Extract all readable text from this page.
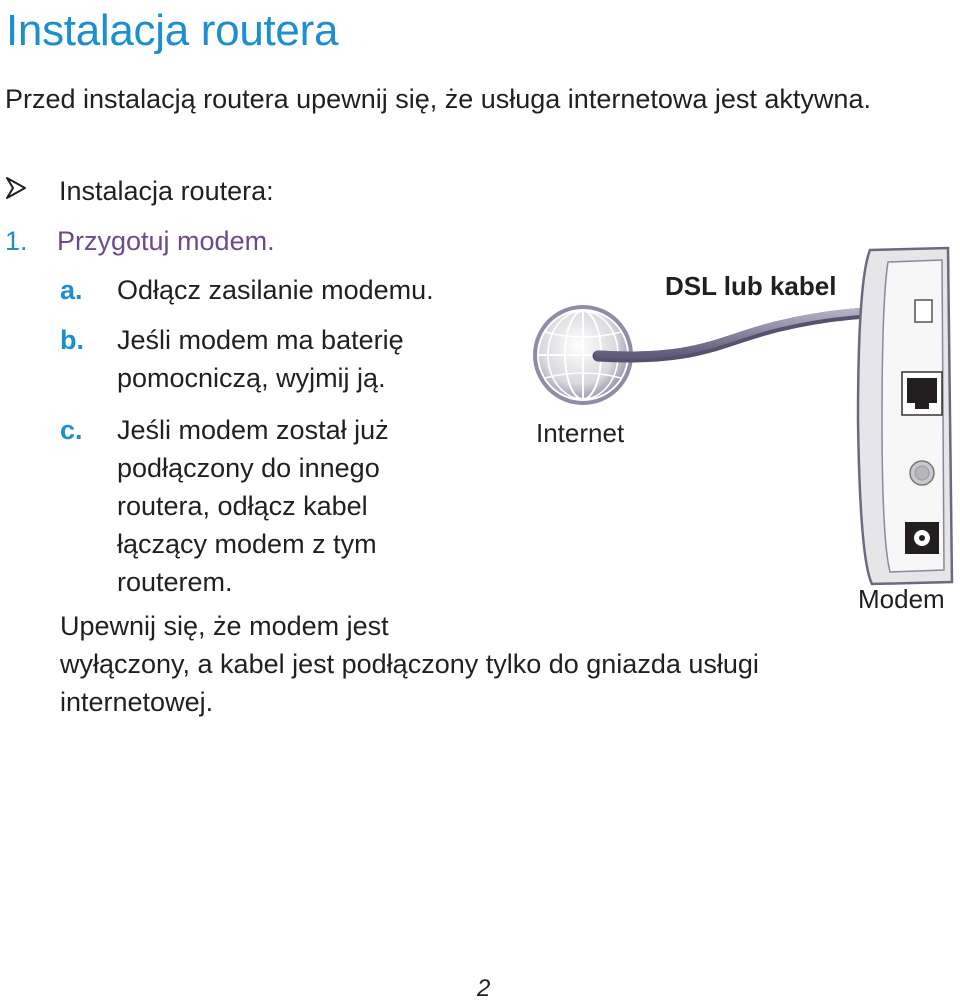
Instalacja routera

Przed instalacją routera upewnij się, że usługa internetowa jest aktywna.

Instalacja routera:
1. Przygotuj modem.
a. Odłącz zasilanie modemu.
b. Jeśli modem ma baterię
pomocniczą, wyjmij ją.
c. Jeśli modem został już
podłączony do innego
routera, odłącz kabel
łączący modem z tym
routerem.

Upewnij się, że modem jest
wyłączony, a kabel jest podłączony tylko do gniazda usługi
internetowej.

Internet
DSL lub kabel
Modem
2
